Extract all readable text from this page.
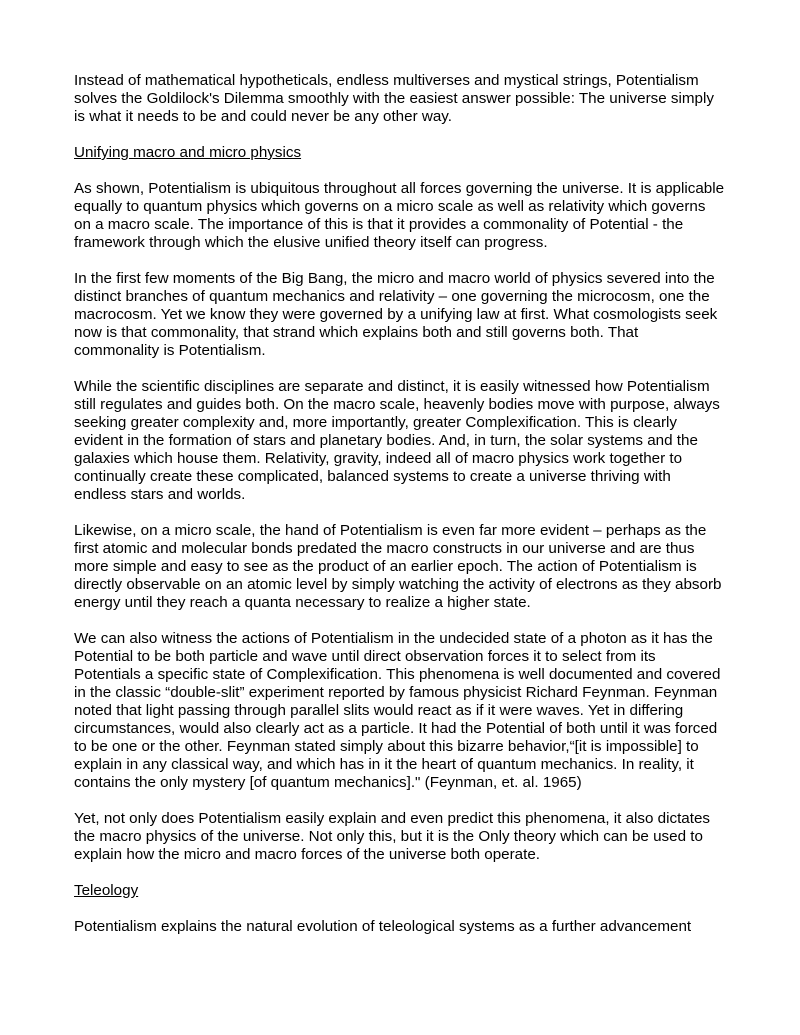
Instead of mathematical hypotheticals, endless multiverses and mystical strings, Potentialism solves the Goldilock's Dilemma smoothly with the easiest answer possible: The universe simply is what it needs to be and could never be any other way.

Unifying macro and micro physics

As shown, Potentialism is ubiquitous throughout all forces governing the universe. It is applicable equally to quantum physics which governs on a micro scale as well as relativity which governs on a macro scale. The importance of this is that it provides a commonality of Potential - the framework through which the elusive unified theory itself can progress.

In the first few moments of the Big Bang, the micro and macro world of physics severed into the distinct branches of quantum mechanics and relativity – one governing the microcosm, one the macrocosm. Yet we know they were governed by a unifying law at first. What cosmologists seek now is that commonality, that strand which explains both and still governs both. That commonality is Potentialism.

While the scientific disciplines are separate and distinct, it is easily witnessed how Potentialism still regulates and guides both. On the macro scale, heavenly bodies move with purpose, always seeking greater complexity and, more importantly, greater Complexification. This is clearly evident in the formation of stars and planetary bodies. And, in turn, the solar systems and the galaxies which house them. Relativity, gravity, indeed all of macro physics work together to continually create these complicated, balanced systems to create a universe thriving with endless stars and worlds.

Likewise, on a micro scale, the hand of Potentialism is even far more evident – perhaps as the first atomic and molecular bonds predated the macro constructs in our universe and are thus more simple and easy to see as the product of an earlier epoch. The action of Potentialism is directly observable on an atomic level by simply watching the activity of electrons as they absorb energy until they reach a quanta necessary to realize a higher state.

We can also witness the actions of Potentialism in the undecided state of a photon as it has the Potential to be both particle and wave until direct observation forces it to select from its Potentials a specific state of Complexification. This phenomena is well documented and covered in the classic “double-slit” experiment reported by famous physicist Richard Feynman. Feynman noted that light passing through parallel slits would react as if it were waves. Yet in differing circumstances, would also clearly act as a particle. It had the Potential of both until it was forced to be one or the other. Feynman stated simply about this bizarre behavior,“[it is impossible] to explain in any classical way, and which has in it the heart of quantum mechanics. In reality, it contains the only mystery [of quantum mechanics]." (Feynman, et. al. 1965)

Yet, not only does Potentialism easily explain and even predict this phenomena, it also dictates the macro physics of the universe. Not only this, but it is the Only theory which can be used to explain how the micro and macro forces of the universe both operate.

Teleology

Potentialism explains the natural evolution of teleological systems as a further advancement
